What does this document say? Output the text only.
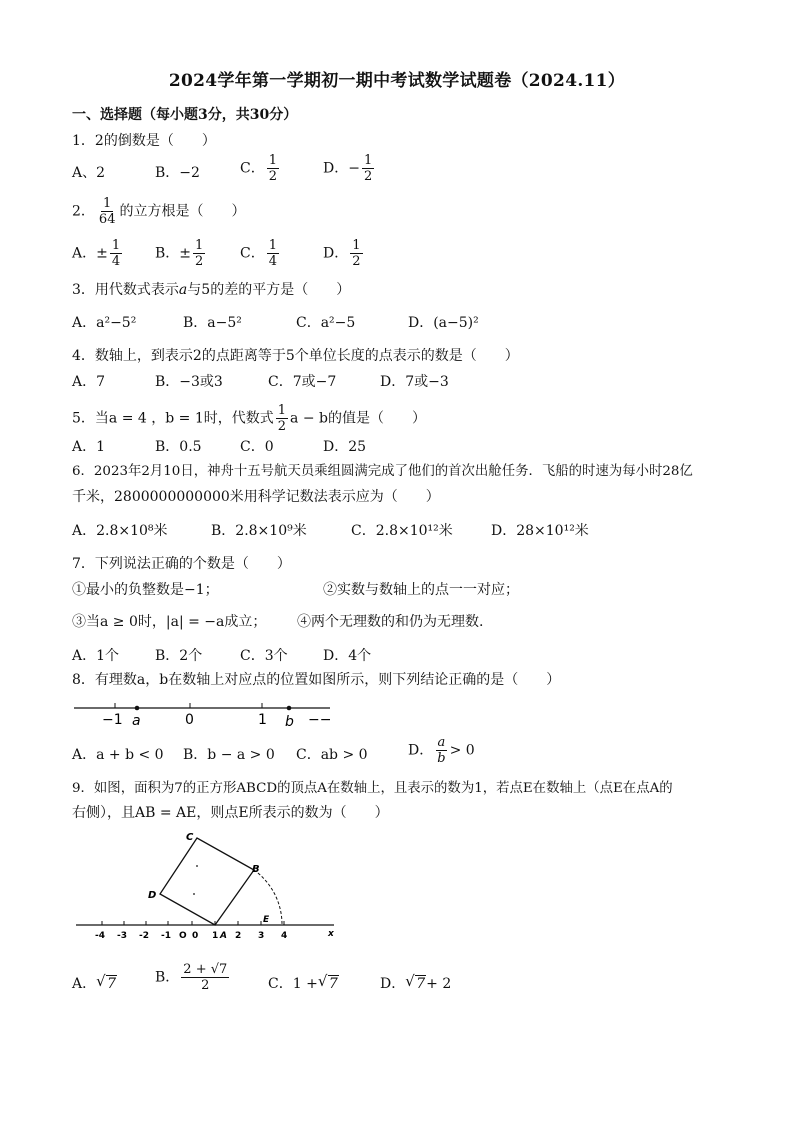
2024学年第一学期初一期中考试数学试题卷（2024.11）
一、选择题（每小题3分，共30分）
1．2的倒数是（　　）
A、2	B．−2	C． $\frac{1}{2}$	D．− $\frac{1}{2}$
2． $\frac{1}{64}$ 的立方根是（　　）
A．± $\frac{1}{4}$ B．± $\frac{1}{2}$ C． $\frac{1}{4}$	D． $\frac{1}{2}$
3．用代数式表示a与5的差的平方是（　　）
A．a²−5²	B．a−5²	C．a²−5	D．(a−5)²
4．数轴上，到表示2的点距离等于5个单位长度的点表示的数是（　　）
A．7	B．−3或3	C．7或−7	D．7或−3
5．当a = 4 ，b = 1时，代数式 $\frac{1}{2}$ a − b的值是（　　）
A．1	B．0.5	C．0	D．25
6．2023年2月10日，神舟十五号航天员乘组圆满完成了他们的首次出舱任务．飞船的时速为每小时28亿
千米，2800000000000米用科学记数法表示应为（　　）
A．2.8×10⁸米	B．2.8×10⁹米	C．2.8×10¹²米	D．28×10¹²米
7．下列说法正确的个数是（　　）
①最小的负整数是−1；	②实数与数轴上的点一一对应；
③当a ≥ 0时，|a| = −a成立； ④两个无理数的和仍为无理数.
A．1个	B．2个	C．3个	D．4个
8．有理数a，b在数轴上对应点的位置如图所示，则下列结论正确的是（　　）
−1 a	0	1 b −−
A．a + b < 0 B．b − a > 0 C．ab > 0	D． $\frac{a}{b} > 0$
9．如图，面积为7的正方形ABCD的顶点A在数轴上，且表示的数为1，若点E在数轴上（点E在点A的
右侧），且AB = AE，则点E所表示的数为（　　）
C
B
D
E
A	x
-4 -3 -2 -1 O 0 1 2 3 4
A． √ 7	B． $\frac{2 + √7}{2}$	C．1 + √ 7	D． √ 7+ 2
